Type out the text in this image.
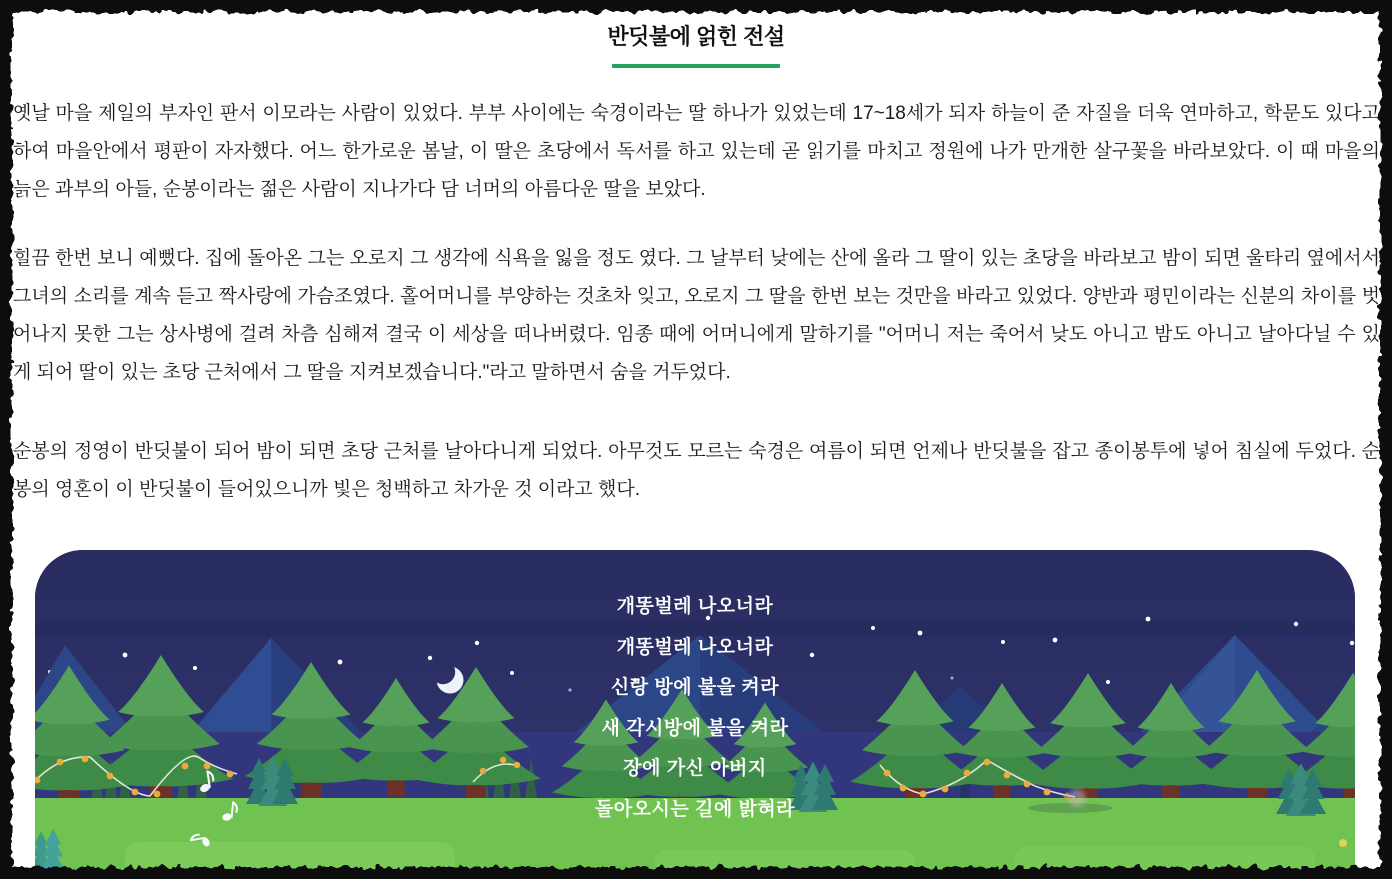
반딧불에 얽힌 전설

옛날 마을 제일의 부자인 판서 이모라는 사람이 있었다. 부부 사이에는 숙경이라는 딸 하나가 있었는데 17~18세가 되자 하늘이 준 자질을 더욱 연마하고, 학문도 있다고 하여 마을안에서 평판이 자자했다. 어느 한가로운 봄날, 이 딸은 초당에서 독서를 하고 있는데 곧 읽기를 마치고 정원에 나가 만개한 살구꽃을 바라보았다. 이 때 마을의 늙은 과부의 아들, 순봉이라는 젊은 사람이 지나가다 담 너머의 아름다운 딸을 보았다.

힐끔 한번 보니 예뻤다. 집에 돌아온 그는 오로지 그 생각에 식욕을 잃을 정도 였다. 그 날부터 낮에는 산에 올라 그 딸이 있는 초당을 바라보고 밤이 되면 울타리 옆에서서 그녀의 소리를 계속 듣고 짝사랑에 가슴조였다. 홀어머니를 부양하는 것초차 잊고, 오로지 그 딸을 한번 보는 것만을 바라고 있었다. 양반과 평민이라는 신분의 차이를 벗어나지 못한 그는 상사병에 걸려 차츰 심해져 결국 이 세상을 떠나버렸다. 임종 때에 어머니에게 말하기를 "어머니 저는 죽어서 낮도 아니고 밤도 아니고 날아다닐 수 있게 되어 딸이 있는 초당 근처에서 그 딸을 지켜보겠습니다."라고 말하면서 숨을 거두었다.

순봉의 정영이 반딧불이 되어 밤이 되면 초당 근처를 날아다니게 되었다. 아무것도 모르는 숙경은 여름이 되면 언제나 반딧불을 잡고 종이봉투에 넣어 침실에 두었다. 순봉의 영혼이 이 반딧불이 들어있으니까 빛은 청백하고 차가운 것 이라고 했다.

개똥벌레 나오너라
개똥벌레 나오너라
신랑 방에 불을 켜라
새 각시방에 불을 켜라
장에 가신 아버지
돌아오시는 길에 밝혀라
